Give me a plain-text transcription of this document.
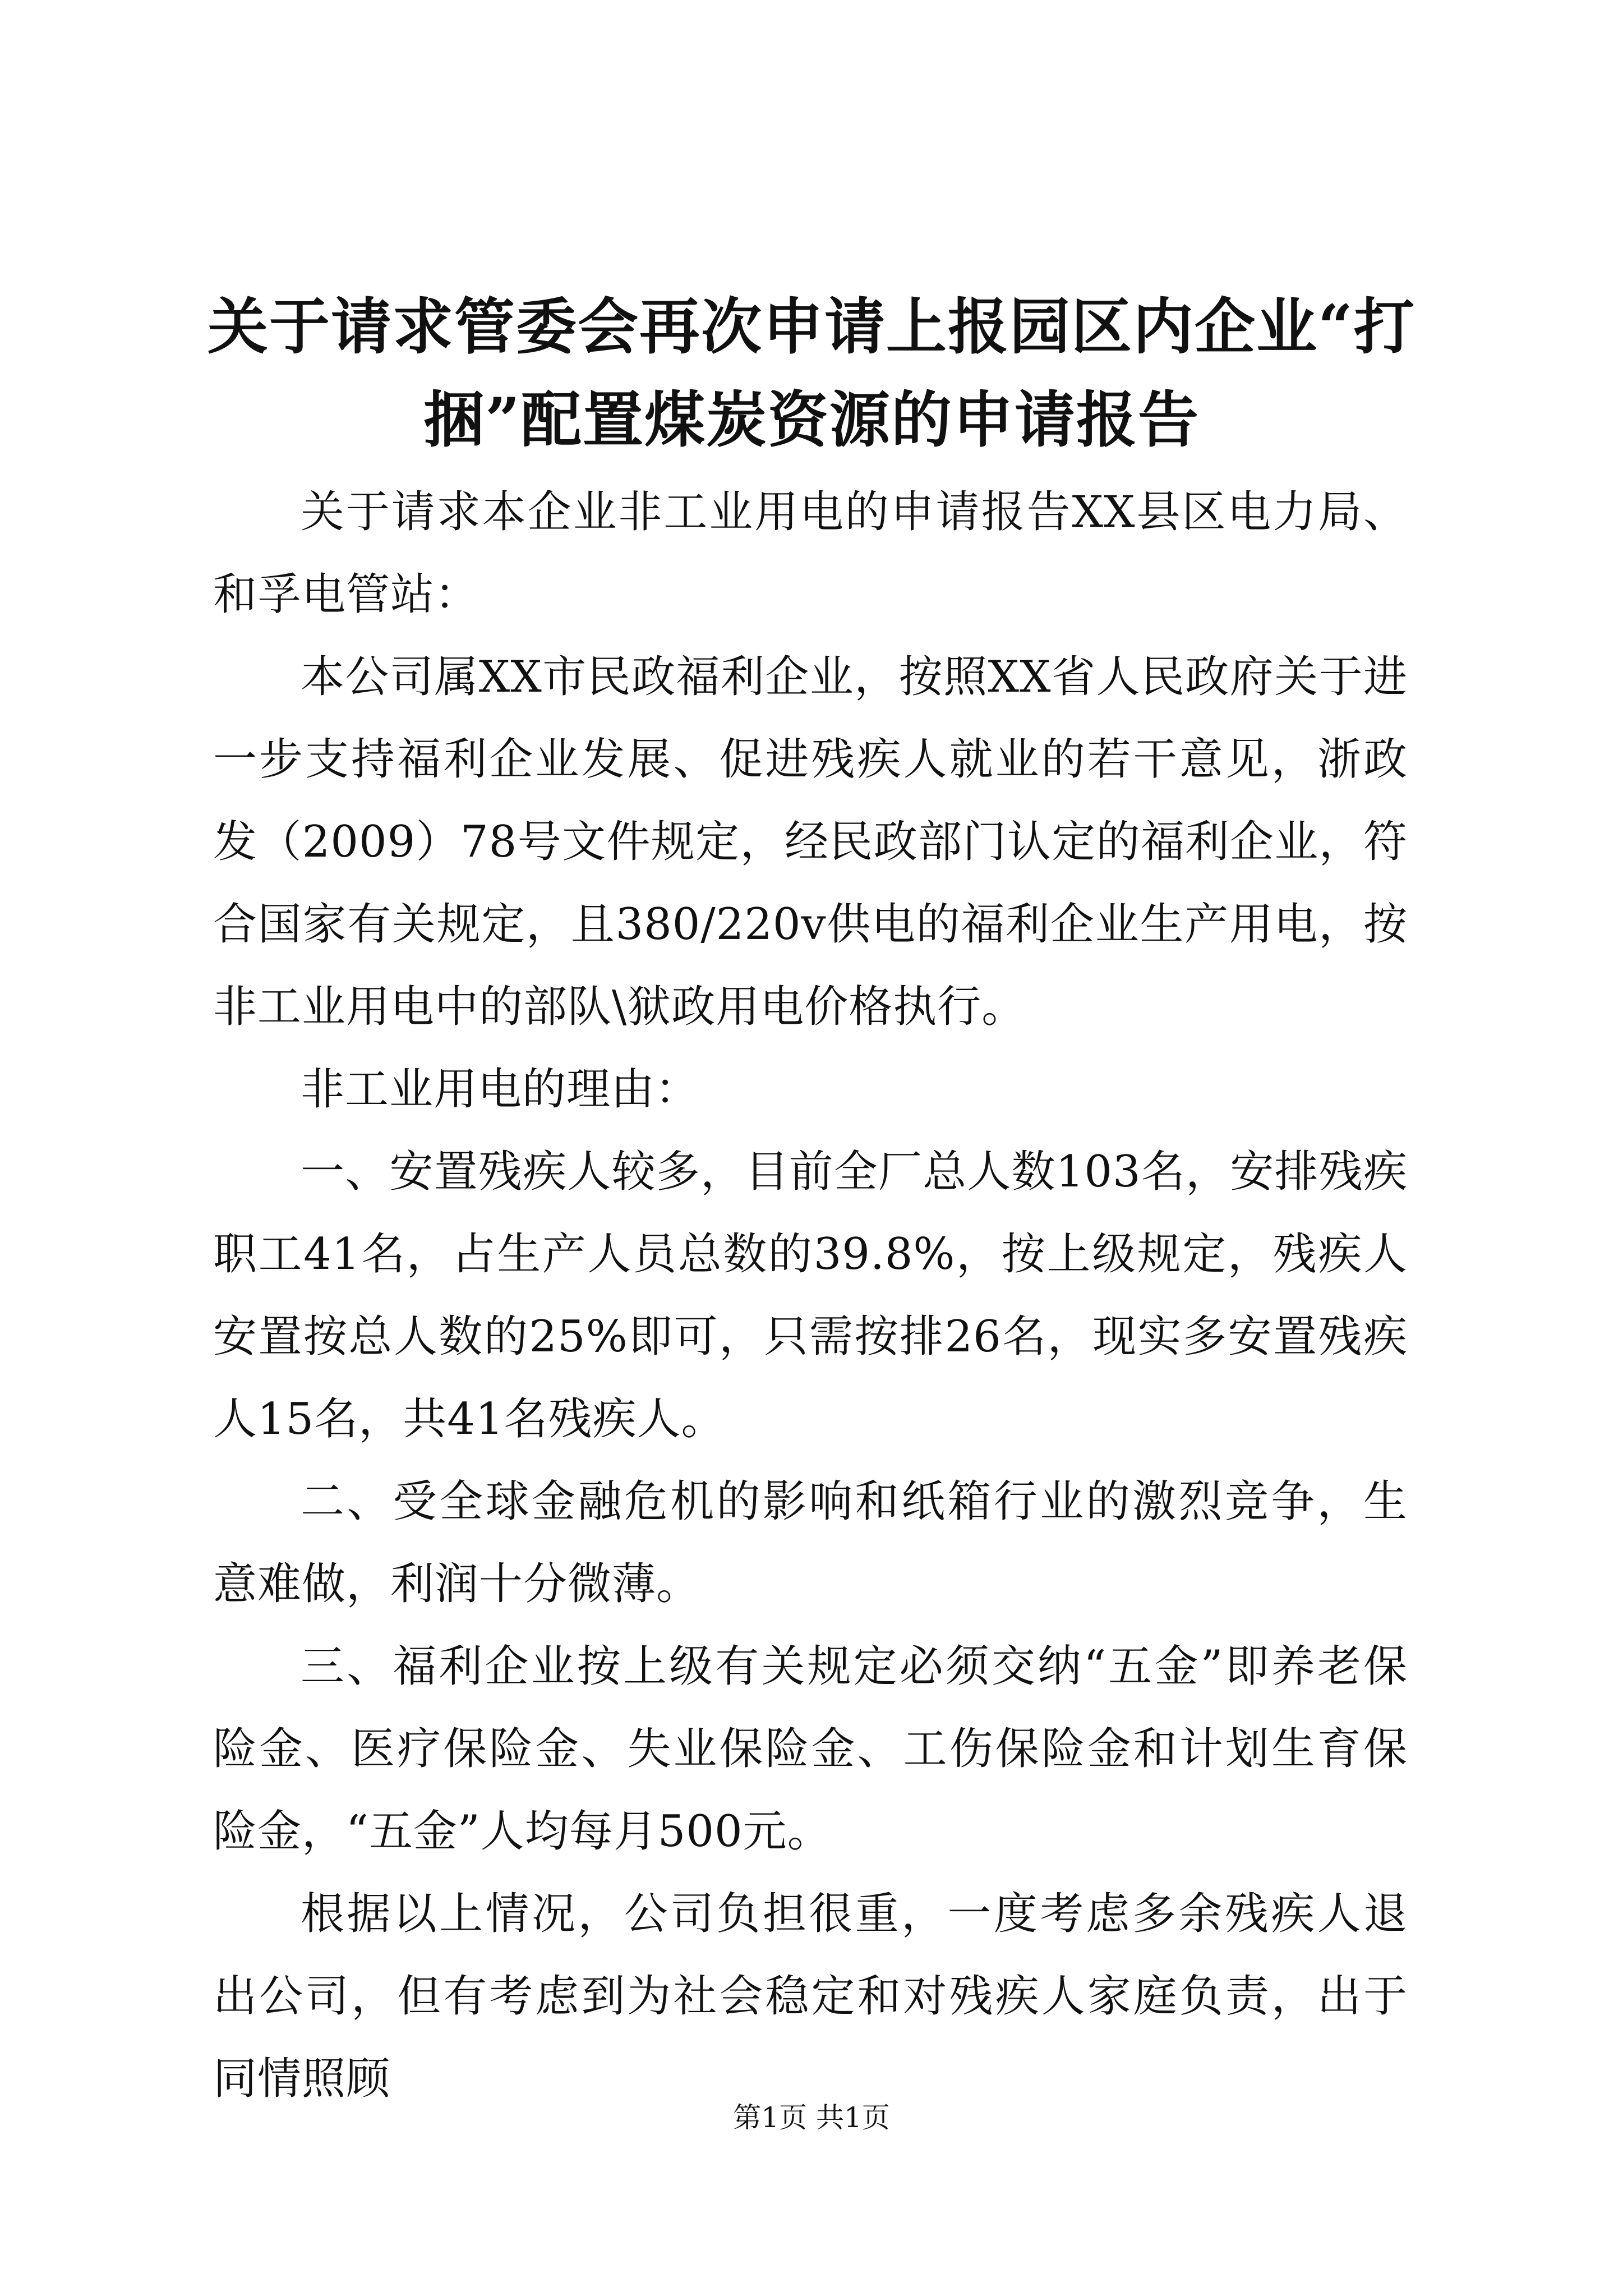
关于请求管委会再次申请上报园区内企业“打捆”配置煤炭资源的申请报告

关于请求本企业非工业用电的申请报告XX县区电力局、和孚电管站：

本公司属XX市民政福利企业，按照XX省人民政府关于进一步支持福利企业发展、促进残疾人就业的若干意见，浙政发（2009）78号文件规定，经民政部门认定的福利企业，符合国家有关规定，且380/220v供电的福利企业生产用电，按非工业用电中的部队\狱政用电价格执行。

非工业用电的理由：

一、安置残疾人较多，目前全厂总人数103名，安排残疾职工41名，占生产人员总数的39.8%，按上级规定，残疾人安置按总人数的25%即可，只需按排26名，现实多安置残疾人15名，共41名残疾人。

二、受全球金融危机的影响和纸箱行业的激烈竞争，生意难做，利润十分微薄。

三、福利企业按上级有关规定必须交纳“五金”即养老保险金、医疗保险金、失业保险金、工伤保险金和计划生育保险金，“五金”人均每月500元。

根据以上情况，公司负担很重，一度考虑多余残疾人退出公司，但有考虑到为社会稳定和对残疾人家庭负责，出于同情照顾

第1页 共1页
